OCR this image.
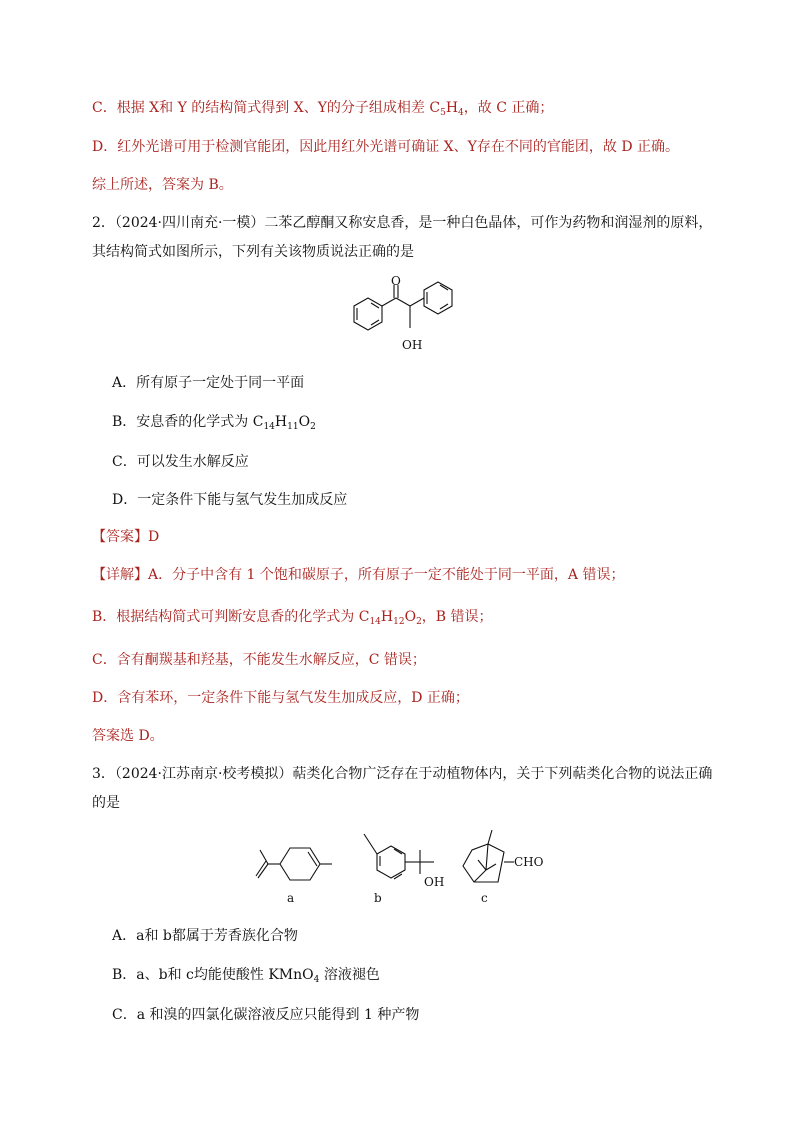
C．根据 X和 Y 的结构简式得到 X、Y的分子组成相差 $C_5H_4$，故 C 正确；
D．红外光谱可用于检测官能团，因此用红外光谱可确证 X、Y存在不同的官能团，故 D 正确。
综上所述，答案为 B。
2．（2024·四川南充·一模）二苯乙醇酮又称安息香，是一种白色晶体，可作为药物和润湿剂的原料，
其结构简式如图所示，下列有关该物质说法正确的是
O
OH
A．所有原子一定处于同一平面
B．安息香的化学式为 $C_{14}H_{11}O_2$
C．可以发生水解反应
D．一定条件下能与氢气发生加成反应
【答案】D
【详解】A．分子中含有 1 个饱和碳原子，所有原子一定不能处于同一平面，A 错误；
B．根据结构简式可判断安息香的化学式为 $C_{14}H_{12}O_2$，B 错误；
C．含有酮羰基和羟基，不能发生水解反应，C 错误；
D．含有苯环，一定条件下能与氢气发生加成反应，D 正确；
答案选 D。
3．（2024·江苏南京·校考模拟）萜类化合物广泛存在于动植物体内，关于下列萜类化合物的说法正确
的是
OH
CHO
a	b	c
A．a和 b都属于芳香族化合物
B．a、b和 c均能使酸性 KMnO$_4$ 溶液褪色
C．a 和溴的四氯化碳溶液反应只能得到 1 种产物
